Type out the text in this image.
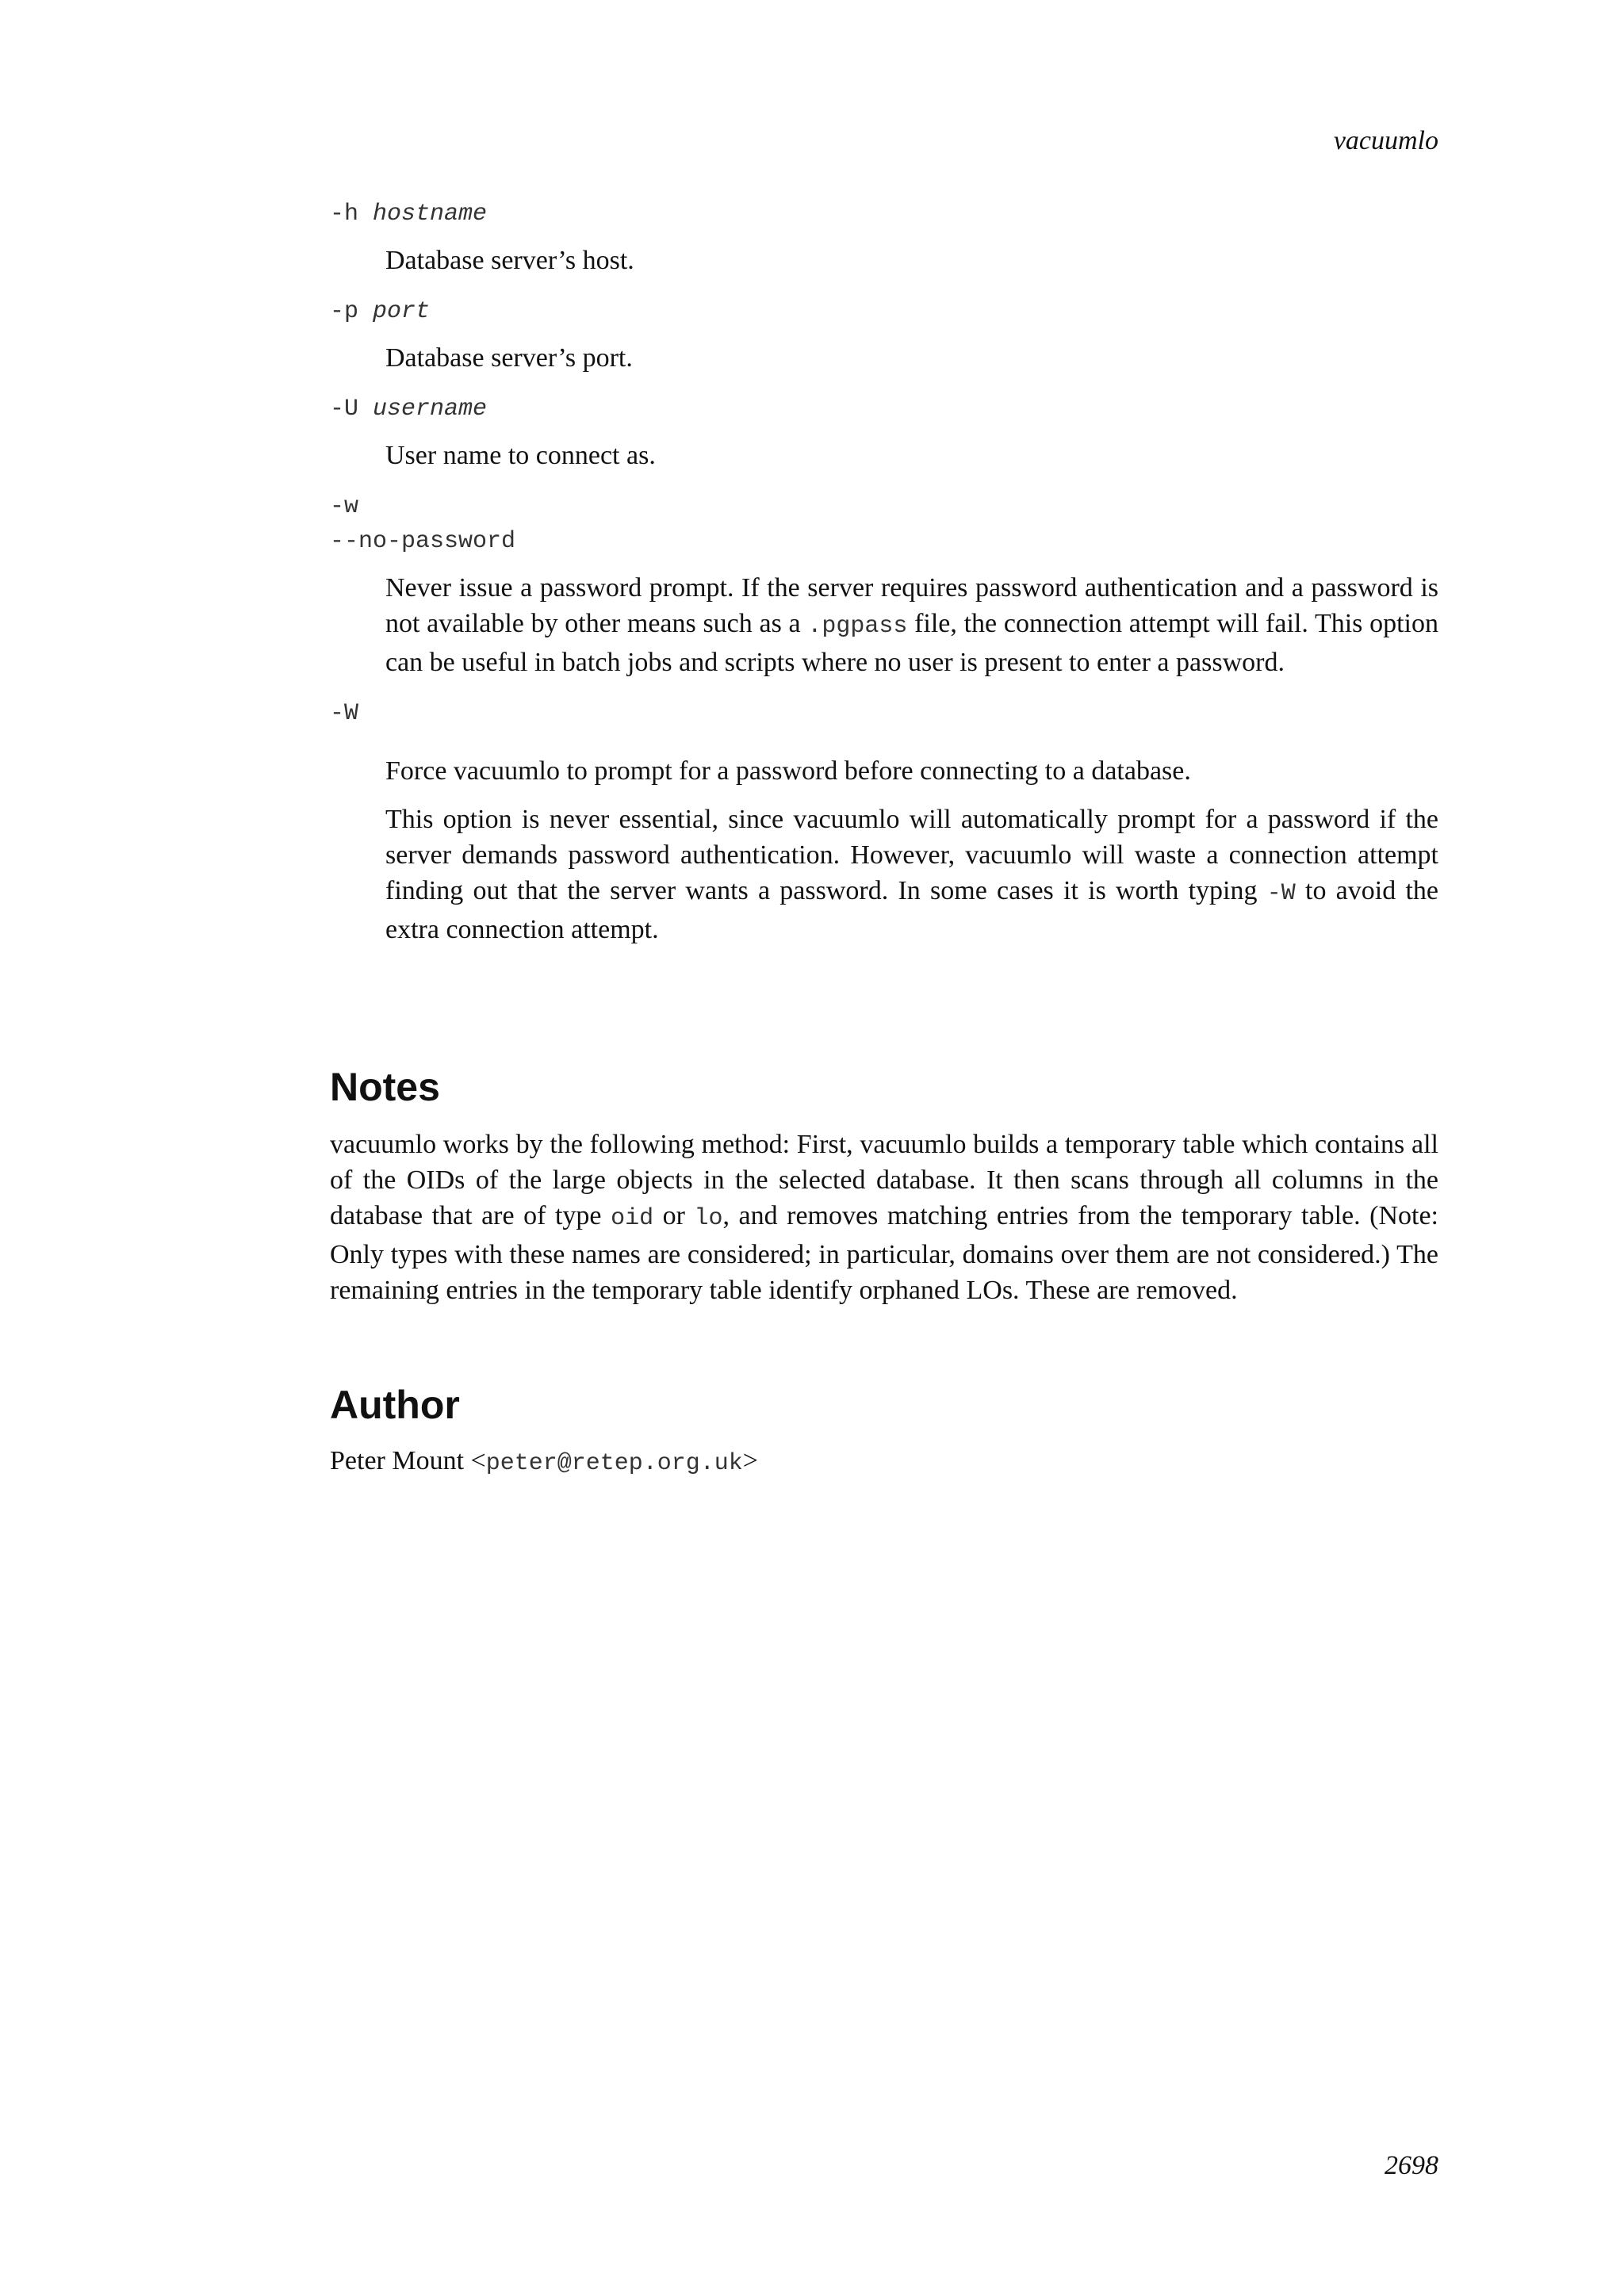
vacuumlo
-h hostname
Database server’s host.
-p port
Database server’s port.
-U username
User name to connect as.
-w
--no-password
Never issue a password prompt. If the server requires password authentication and a password is not available by other means such as a .pgpass file, the connection attempt will fail. This option can be useful in batch jobs and scripts where no user is present to enter a password.
-W
Force vacuumlo to prompt for a password before connecting to a database.
This option is never essential, since vacuumlo will automatically prompt for a password if the server demands password authentication. However, vacuumlo will waste a connection attempt finding out that the server wants a password. In some cases it is worth typing -W to avoid the extra connection attempt.
Notes
vacuumlo works by the following method: First, vacuumlo builds a temporary table which contains all of the OIDs of the large objects in the selected database. It then scans through all columns in the database that are of type oid or lo, and removes matching entries from the temporary table. (Note: Only types with these names are considered; in particular, domains over them are not considered.) The remaining entries in the temporary table identify orphaned LOs. These are removed.
Author
Peter Mount <peter@retep.org.uk>
2698
